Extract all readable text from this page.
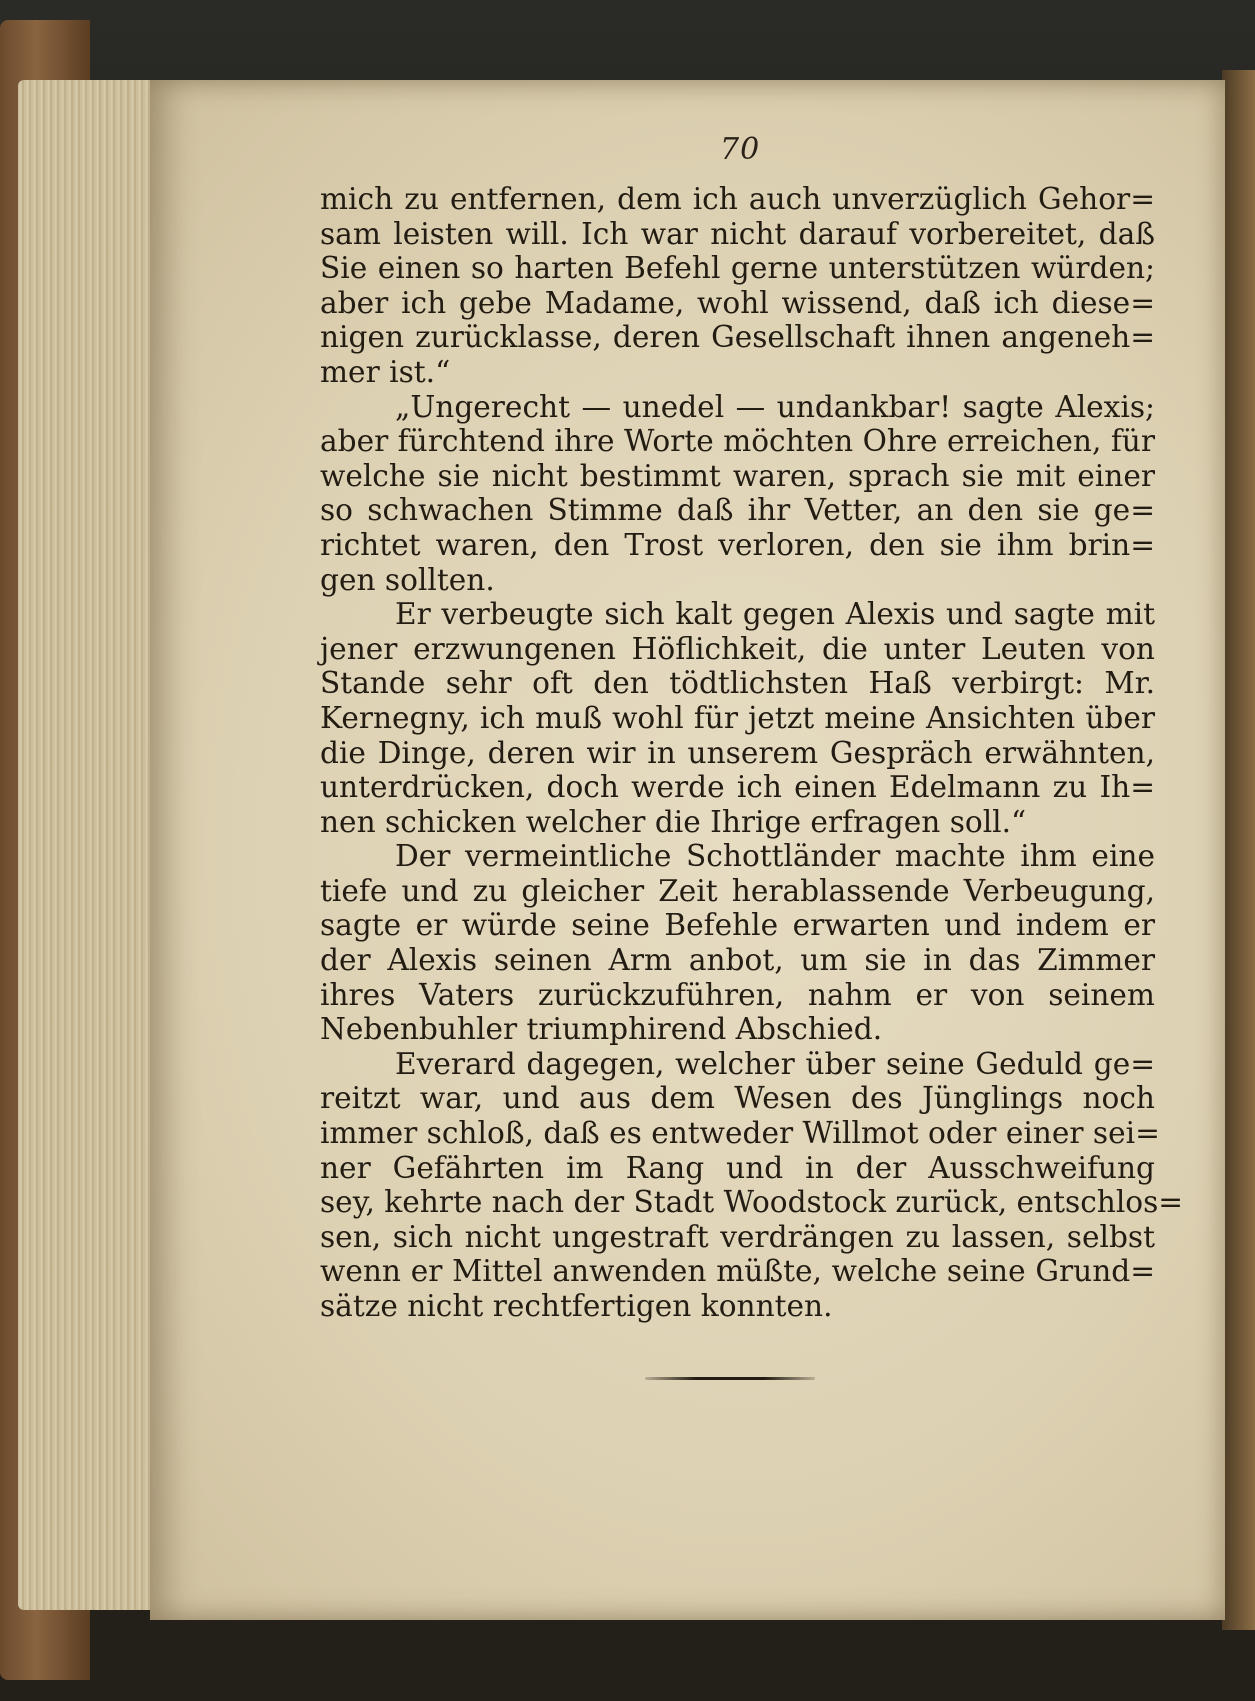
70
mich zu entfernen, dem ich auch unverzüglich Gehor=
sam leisten will. Ich war nicht darauf vorbereitet, daß
Sie einen so harten Befehl gerne unterstützen würden;
aber ich gebe Madame, wohl wissend, daß ich diese=
nigen zurücklasse, deren Gesellschaft ihnen angeneh=
mer ist.“
„Ungerecht — unedel — undankbar! sagte Alexis;
aber fürchtend ihre Worte möchten Ohre erreichen, für
welche sie nicht bestimmt waren, sprach sie mit einer
so schwachen Stimme daß ihr Vetter, an den sie ge=
richtet waren, den Trost verloren, den sie ihm brin=
gen sollten.
Er verbeugte sich kalt gegen Alexis und sagte mit
jener erzwungenen Höflichkeit, die unter Leuten von
Stande sehr oft den tödtlichsten Haß verbirgt: Mr.
Kernegny, ich muß wohl für jetzt meine Ansichten über
die Dinge, deren wir in unserem Gespräch erwähnten,
unterdrücken, doch werde ich einen Edelmann zu Ih=
nen schicken welcher die Ihrige erfragen soll.“
Der vermeintliche Schottländer machte ihm eine
tiefe und zu gleicher Zeit herablassende Verbeugung,
sagte er würde seine Befehle erwarten und indem er
der Alexis seinen Arm anbot, um sie in das Zimmer
ihres Vaters zurückzuführen, nahm er von seinem
Nebenbuhler triumphirend Abschied.
Everard dagegen, welcher über seine Geduld ge=
reitzt war, und aus dem Wesen des Jünglings noch
immer schloß, daß es entweder Willmot oder einer sei=
ner Gefährten im Rang und in der Ausschweifung
sey, kehrte nach der Stadt Woodstock zurück, entschlos=
sen, sich nicht ungestraft verdrängen zu lassen, selbst
wenn er Mittel anwenden müßte, welche seine Grund=
sätze nicht rechtfertigen konnten.
